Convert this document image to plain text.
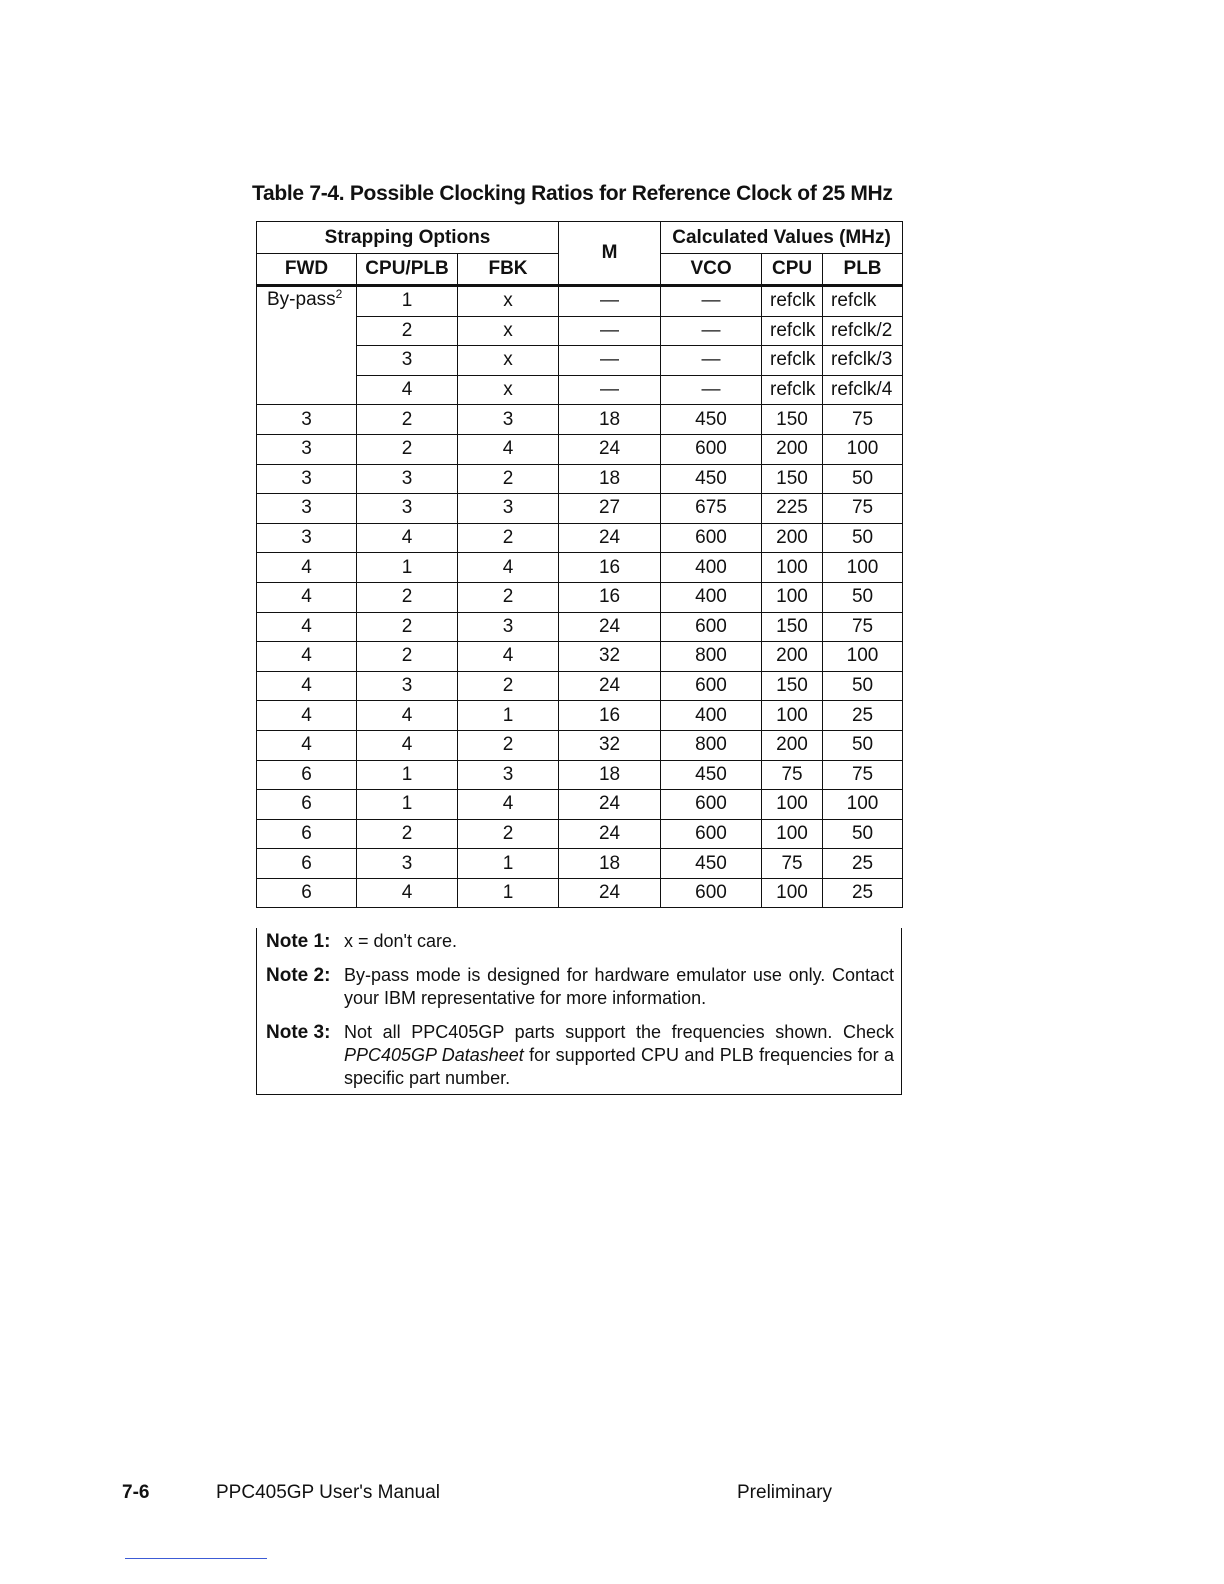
Table 7-4. Possible Clocking Ratios for Reference Clock of 25 MHz
Strapping Options			M	Calculated Values (MHz)		
FWD	CPU/PLB	FBK		VCO	CPU	PLB
By-pass$^2$	1	x	—	—	refclk	refclk
	2	x	—	—	refclk	refclk/2
	3	x	—	—	refclk	refclk/3
	4	x	—	—	refclk	refclk/4
3	2	3	18	450	150	75
3	2	4	24	600	200	100
3	3	2	18	450	150	50
3	3	3	27	675	225	75
3	4	2	24	600	200	50
4	1	4	16	400	100	100
4	2	2	16	400	100	50
4	2	3	24	600	150	75
4	2	4	32	800	200	100
4	3	2	24	600	150	50
4	4	1	16	400	100	25
4	4	2	32	800	200	50
6	1	3	18	450	75	75
6	1	4	24	600	100	100
6	2	2	24	600	100	50
6	3	1	18	450	75	25
6	4	1	24	600	100	25
Note 1: x = don't care.
Note 2: By-pass mode is designed for hardware emulator use only. Contact your IBM representative for more information.
Note 3: Not all PPC405GP parts support the frequencies shown. Check PPC405GP Datasheet for supported CPU and PLB frequencies for a specific part number.
7-6	PPC405GP User's Manual	Preliminary
